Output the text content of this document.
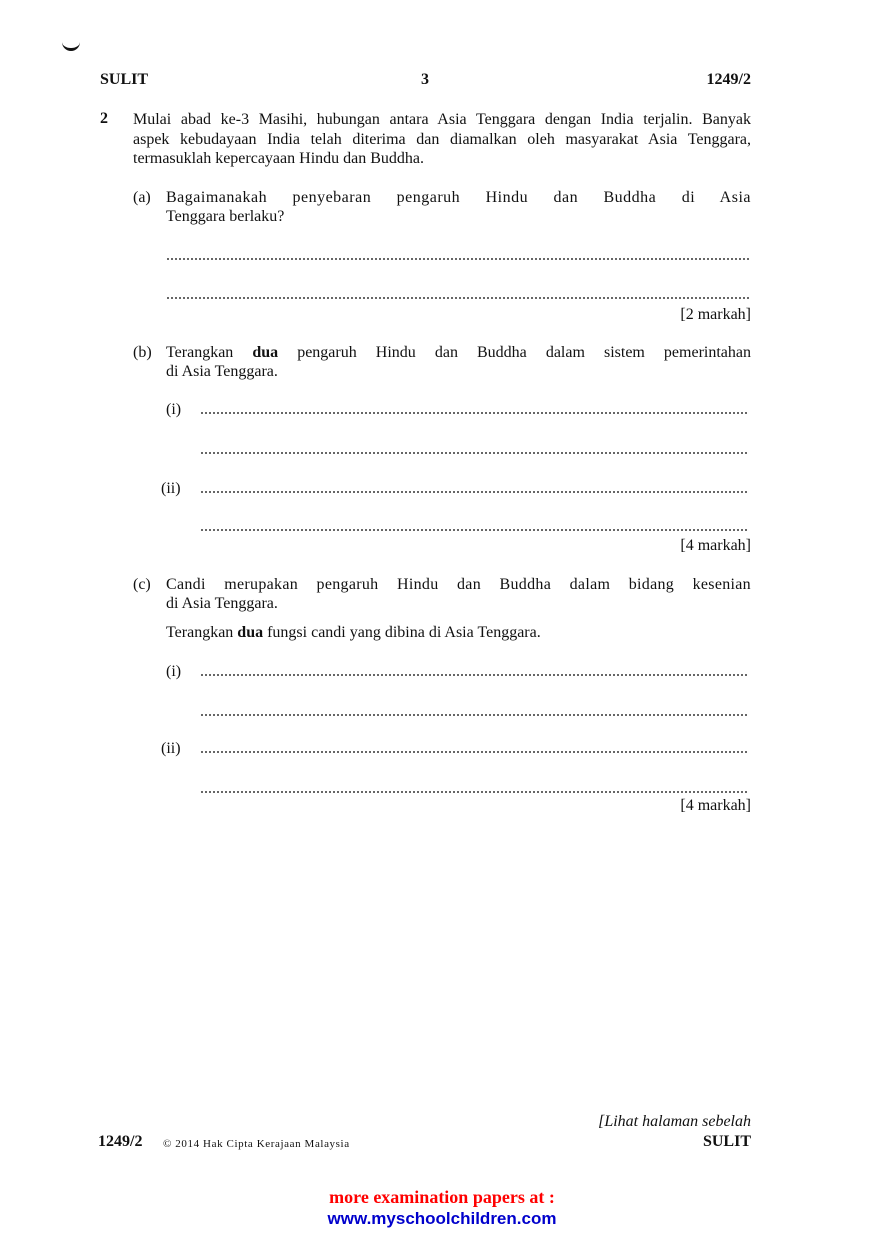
SULIT	3	1249/2
2 Mulai abad ke-3 Masihi, hubungan antara Asia Tenggara dengan India terjalin. Banyak
aspek kebudayaan India telah diterima dan diamalkan oleh masyarakat Asia Tenggara,
termasuklah kepercayaan Hindu dan Buddha.
(a) Bagaimanakah penyebaran pengaruh Hindu dan Buddha di Asia
Tenggara berlaku?
[2 markah]
(b) Terangkan dua pengaruh Hindu dan Buddha dalam sistem pemerintahan
di Asia Tenggara.
(i)
(ii)
[4 markah]
(c) Candi merupakan pengaruh Hindu dan Buddha dalam bidang kesenian
di Asia Tenggara.
Terangkan dua fungsi candi yang dibina di Asia Tenggara.
(i)
(ii)
[4 markah]
[Lihat halaman sebelah
1249/2 © 2014 Hak Cipta Kerajaan Malaysia	SULIT
more examination papers at :
www.myschoolchildren.com
